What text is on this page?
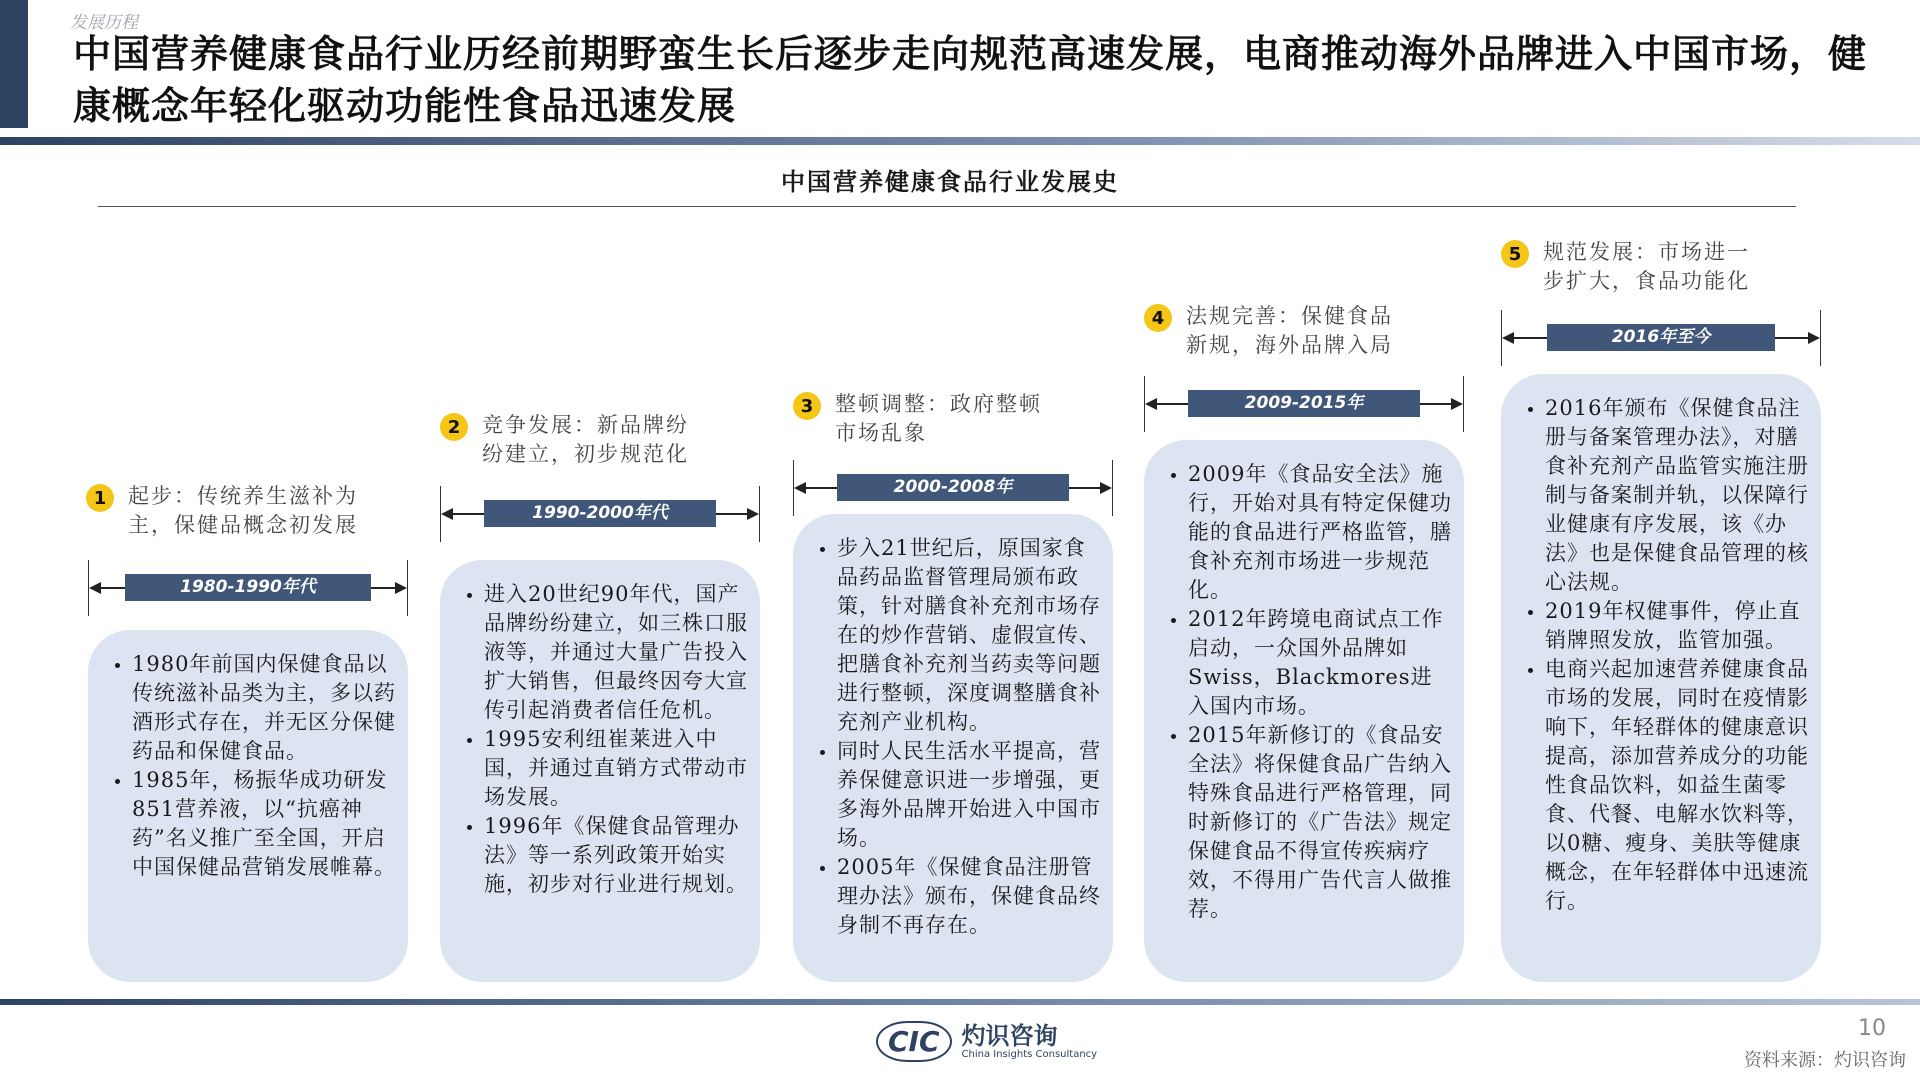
发展历程
中国营养健康食品行业历经前期野蛮生长后逐步走向规范高速发展，电商推动海外品牌进入中国市场，健康概念年轻化驱动功能性食品迅速发展
中国营养健康食品行业发展史
1	起步：传统养生滋补为
主，保健品概念初发展
1980-1990年代
• 1980年前国内保健食品以传统滋补品类为主，多以药酒形式存在，并无区分保健药品和保健食品。
• 1985年，杨振华成功研发851营养液，以“抗癌神药”名义推广至全国，开启中国保健品营销发展帷幕。
2	竞争发展：新品牌纷
纷建立，初步规范化
1990-2000年代
• 进入20世纪90年代，国产品牌纷纷建立，如三株口服液等，并通过大量广告投入扩大销售，但最终因夸大宣传引起消费者信任危机。
• 1995安利纽崔莱进入中国，并通过直销方式带动市场发展。
• 1996年《保健食品管理办法》等一系列政策开始实施，初步对行业进行规划。
3	整顿调整：政府整顿
市场乱象
2000-2008年
• 步入21世纪后，原国家食品药品监督管理局颁布政策，针对膳食补充剂市场存在的炒作营销、虚假宣传、把膳食补充剂当药卖等问题进行整顿，深度调整膳食补充剂产业机构。
• 同时人民生活水平提高，营养保健意识进一步增强，更多海外品牌开始进入中国市场。
• 2005年《保健食品注册管理办法》颁布，保健食品终身制不再存在。
4	法规完善：保健食品
新规，海外品牌入局
2009-2015年
• 2009年《食品安全法》施行，开始对具有特定保健功能的食品进行严格监管，膳食补充剂市场进一步规范化。
• 2012年跨境电商试点工作启动，一众国外品牌如Swiss，Blackmores进入国内市场。
• 2015年新修订的《食品安全法》将保健食品广告纳入特殊食品进行严格管理，同时新修订的《广告法》规定保健食品不得宣传疾病疗效，不得用广告代言人做推荐。
5	规范发展：市场进一
步扩大，食品功能化
2016年至今
• 2016年颁布《保健食品注册与备案管理办法》，对膳食补充剂产品监管实施注册制与备案制并轨，以保障行业健康有序发展，该《办法》也是保健食品管理的核心法规。
• 2019年权健事件，停止直销牌照发放，监管加强。
• 电商兴起加速营养健康食品市场的发展，同时在疫情影响下，年轻群体的健康意识提高，添加营养成分的功能性食品饮料，如益生菌零食、代餐、电解水饮料等，以0糖、瘦身、美肤等健康概念，在年轻群体中迅速流行。
CIC 灼识咨询
China Insights Consultancy
10
资料来源：灼识咨询
